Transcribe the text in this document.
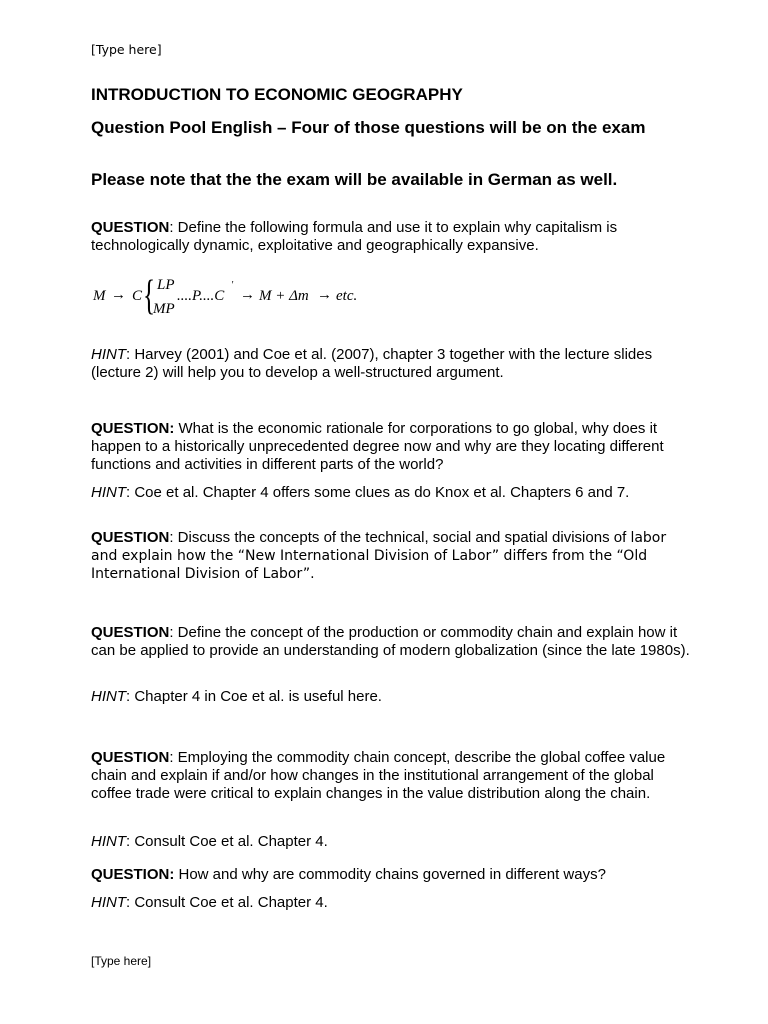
[Type here]
INTRODUCTION TO ECONOMIC GEOGRAPHY

Question Pool English – Four of those questions will be on the exam

Please note that the the exam will be available in German as well.

QUESTION: Define the following formula and use it to explain why capitalism is technologically dynamic, exploitative and geographically expansive.

M → C { LP
MP
....P....C
'
→ M + Δm → etc.

HINT: Harvey (2001) and Coe et al. (2007), chapter 3 together with the lecture slides (lecture 2) will help you to develop a well-structured argument.

QUESTION: What is the economic rationale for corporations to go global, why does it happen to a historically unprecedented degree now and why are they locating different functions and activities in different parts of the world?

HINT: Coe et al. Chapter 4 offers some clues as do Knox et al. Chapters 6 and 7.

QUESTION: Discuss the concepts of the technical, social and spatial divisions of labor and explain how the “New International Division of Labor” differs from the “Old International Division of Labor”.

QUESTION: Define the concept of the production or commodity chain and explain how it can be applied to provide an understanding of modern globalization (since the late 1980s).

HINT: Chapter 4 in Coe et al. is useful here.

QUESTION: Employing the commodity chain concept, describe the global coffee value chain and explain if and/or how changes in the institutional arrangement of the global coffee trade were critical to explain changes in the value distribution along the chain.

HINT: Consult Coe et al. Chapter 4.

QUESTION: How and why are commodity chains governed in different ways?

HINT: Consult Coe et al. Chapter 4.

[Type here]
